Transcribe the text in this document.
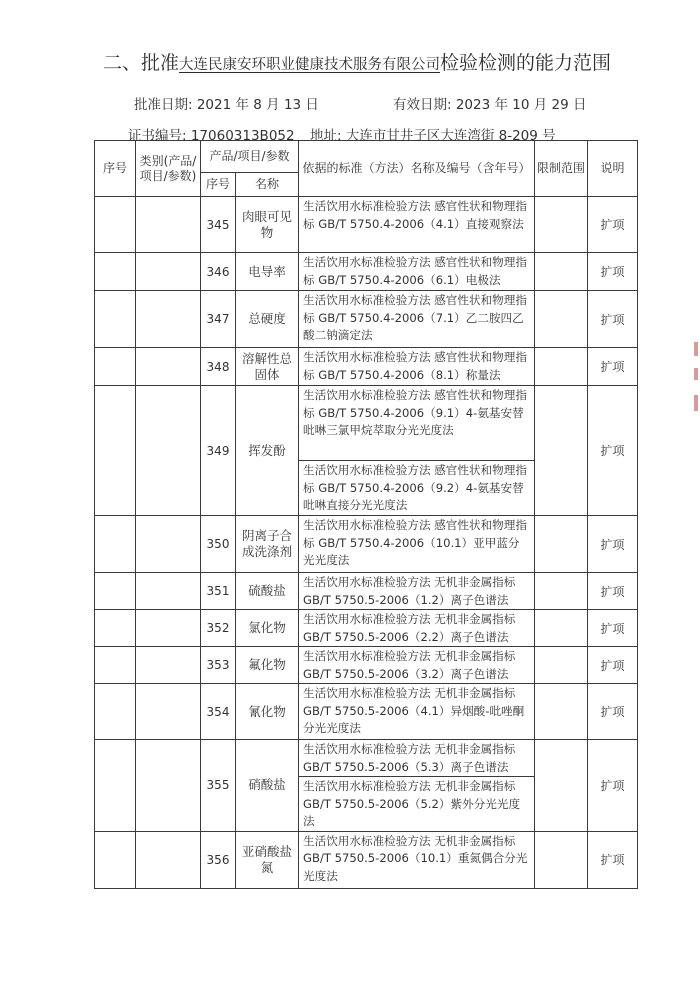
二、批准大连民康安环职业健康技术服务有限公司检验检测的能力范围
批准日期: 2021 年 8 月 13 日	有效日期: 2023 年 10 月 29 日
证书编号: 17060313B052 地址: 大连市甘井子区大连湾街 8-209 号
序号	类别(产品/项目/参数)	产品/项目/参数		依据的标准（方法）名称及编号（含年号）	限制范围	说明
		序号	名称			
		345	肉眼可见物	生活饮用水标准检验方法 感官性状和物理指标 GB/T 5750.4-2006（4.1）直接观察法		扩项
		346	电导率	生活饮用水标准检验方法 感官性状和物理指标 GB/T 5750.4-2006（6.1）电极法		扩项
		347	总硬度	生活饮用水标准检验方法 感官性状和物理指标 GB/T 5750.4-2006（7.1）乙二胺四乙酸二钠滴定法		扩项
		348	溶解性总固体	生活饮用水标准检验方法 感官性状和物理指标 GB/T 5750.4-2006（8.1）称量法		扩项
		349	挥发酚	生活饮用水标准检验方法 感官性状和物理指标 GB/T 5750.4-2006（9.1）4-氨基安替吡啉三氯甲烷萃取分光光度法		扩项
				生活饮用水标准检验方法 感官性状和物理指标 GB/T 5750.4-2006（9.2）4-氨基安替吡啉直接分光光度法		
		350	阴离子合成洗涤剂	生活饮用水标准检验方法 感官性状和物理指标 GB/T 5750.4-2006（10.1）亚甲蓝分光光度法		扩项
		351	硫酸盐	生活饮用水标准检验方法 无机非金属指标 GB/T 5750.5-2006（1.2）离子色谱法		扩项
		352	氯化物	生活饮用水标准检验方法 无机非金属指标 GB/T 5750.5-2006（2.2）离子色谱法		扩项
		353	氟化物	生活饮用水标准检验方法 无机非金属指标 GB/T 5750.5-2006（3.2）离子色谱法		扩项
		354	氰化物	生活饮用水标准检验方法 无机非金属指标 GB/T 5750.5-2006（4.1）异烟酸-吡唑酮分光光度法		扩项
		355	硝酸盐	生活饮用水标准检验方法 无机非金属指标 GB/T 5750.5-2006（5.3）离子色谱法		扩项
				生活饮用水标准检验方法 无机非金属指标 GB/T 5750.5-2006（5.2）紫外分光光度法		
		356	亚硝酸盐氮	生活饮用水标准检验方法 无机非金属指标 GB/T 5750.5-2006（10.1）重氮偶合分光光度法		扩项
